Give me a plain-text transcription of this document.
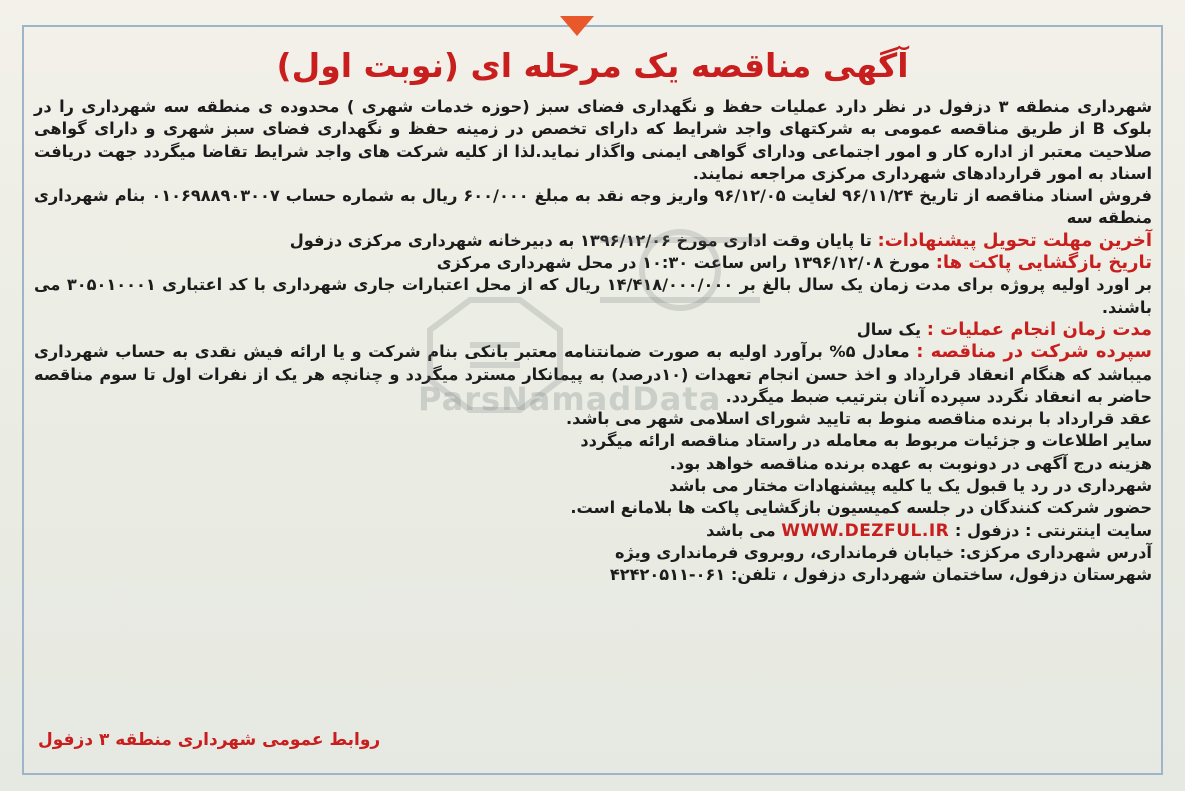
آگهی مناقصه یک مرحله ای (نوبت اول)

شهرداری منطقه ۳ دزفول در نظر دارد عملیات حفظ و نگهداری فضای سبز (حوزه خدمات شهری ) محدوده ی منطقه سه شهرداری را در بلوک B از طریق مناقصه عمومی به شرکتهای واجد شرایط که دارای تخصص در زمینه حفظ و نگهداری فضای سبز شهری و دارای گواهی صلاحیت معتبر از اداره کار و امور اجتماعی ودارای گواهی ایمنی واگذار نماید.لذا از کلیه شرکت های واجد شرایط تقاضا میگردد جهت دریافت اسناد به امور قراردادهای شهرداری مرکزی مراجعه نمایند.

فروش اسناد مناقصه از تاریخ ۹۶/۱۱/۲۴ لغایت ۹۶/۱۲/۰۵ واریز وجه نقد به مبلغ ۶۰۰/۰۰۰ ریال به شماره حساب ۰۱۰۶۹۸۸۹۰۳۰۰۷ بنام شهرداری منطقه سه

آخرین مهلت تحویل پیشنهادات: تا پایان وقت اداری مورخ ۱۳۹۶/۱۲/۰۶ به دبیرخانه شهرداری مرکزی دزفول

تاریخ بازگشایی پاکت ها: مورخ ۱۳۹۶/۱۲/۰۸ راس ساعت ۱۰:۳۰ در محل شهرداری مرکزی

بر اورد اولیه پروژه برای مدت زمان یک سال بالغ بر ۱۴/۴۱۸/۰۰۰/۰۰۰ ریال که از محل اعتبارات جاری شهرداری با کد اعتباری ۳۰۵۰۱۰۰۰۱ می باشند.

مدت زمان انجام عملیات : یک سال

سپرده شرکت در مناقصه : معادل ۵% برآورد اولیه به صورت ضمانتنامه معتبر بانکی بنام شرکت و یا ارائه فیش نقدی به حساب شهرداری میباشد که هنگام انعقاد قرارداد و اخذ حسن انجام تعهدات (۱۰درصد) به پیمانکار مسترد میگردد و چنانچه هر یک از نفرات اول تا سوم مناقصه حاضر به انعقاد نگردد سپرده آنان بترتیب ضبط میگردد.

عقد قرارداد با برنده مناقصه منوط به تایید شورای اسلامی شهر می باشد.

سایر اطلاعات و جزئیات مربوط به معامله در راستاد مناقصه ارائه میگردد

هزینه درج آگهی در دونوبت به عهده برنده مناقصه خواهد بود.

شهرداری در رد یا قبول یک یا کلیه پیشنهادات مختار می باشد

حضور شرکت کنندگان در جلسه کمیسیون بازگشایی پاکت ها بلامانع است.

سایت اینترنتی : دزفول : WWW.DEZFUL.IR می باشد

آدرس شهرداری مرکزی: خیابان فرمانداری، روبروی فرمانداری ویژه

شهرستان دزفول، ساختمان شهرداری دزفول ، تلفن: ۰۶۱-۴۲۴۲۰۵۱۱

روابط عمومی شهرداری منطقه ۳ دزفول
ParsNamadData
